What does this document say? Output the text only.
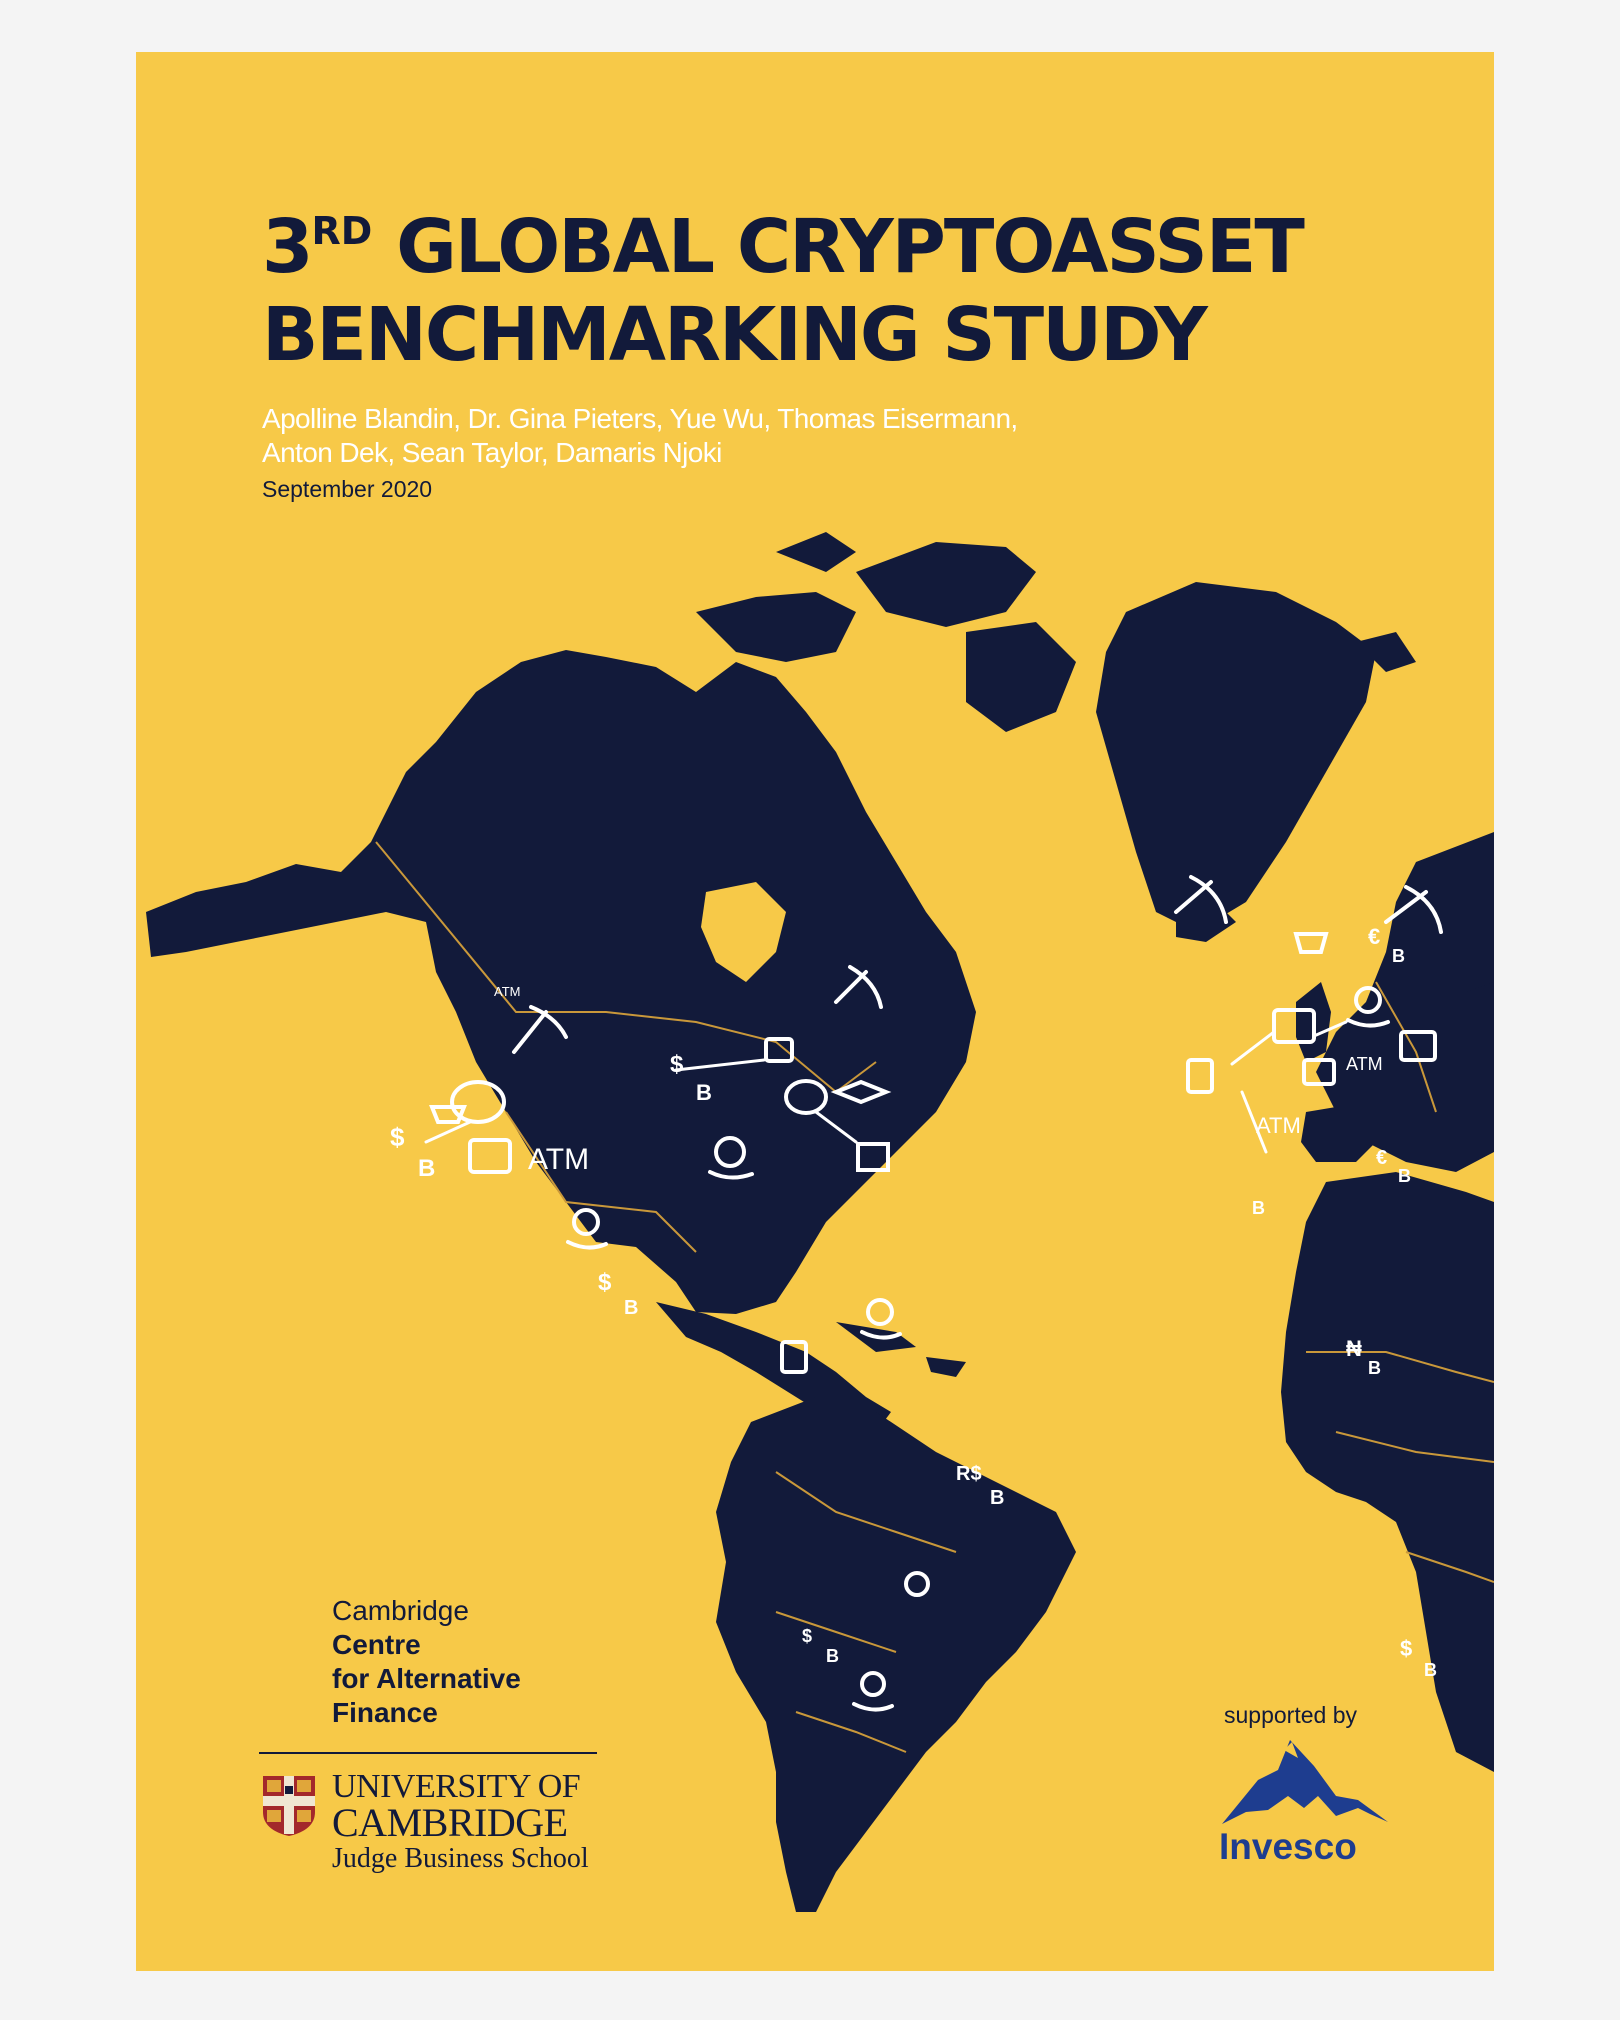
ATM
ATM
ATM
ATM
$
B
$
B
$
B
R$
B
$
B
€
B
B
€
B
₦
B
$
B
3RD GLOBAL CRYPTOASSET
BENCHMARKING STUDY
Apolline Blandin, Dr. Gina Pieters, Yue Wu, Thomas Eisermann,
Anton Dek, Sean Taylor, Damaris Njoki
September 2020
Cambridge
Centre
for Alternative
Finance
UNIVERSITY OF
CAMBRIDGE
Judge Business School
supported by
Invesco
